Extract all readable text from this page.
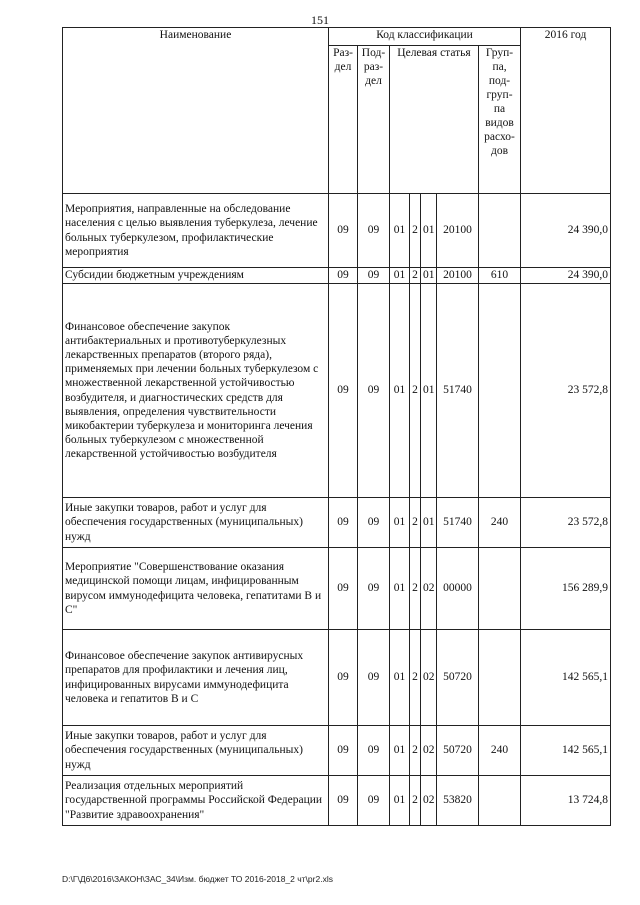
151
Наименование	Код классификации							2016 год
	Раз-дел	Под-раз-дел	Целевая статья				Груп-па, под-груп-па видов расхо-дов	
Мероприятия, направленные на обследование населения с целью выявления туберкулеза, лечение больных туберкулезом, профилактические мероприятия	09	09	01	2	01	20100		24 390,0
Субсидии бюджетным учреждениям	09	09	01	2	01	20100	610	24 390,0
Финансовое обеспечение закупок антибактериальных и противотуберкулезных лекарственных препаратов (второго ряда), применяемых при лечении больных туберкулезом с множественной лекарственной устойчивостью возбудителя, и диагностических средств для выявления, определения чувствительности микобактерии туберкулеза и мониторинга лечения больных туберкулезом с множественной лекарственной устойчивостью возбудителя	09	09	01	2	01	51740		23 572,8
Иные закупки товаров, работ и услуг для обеспечения государственных (муниципальных) нужд	09	09	01	2	01	51740	240	23 572,8
Мероприятие "Совершенствование оказания медицинской помощи лицам, инфицированным вирусом иммунодефицита человека, гепатитами В и С"	09	09	01	2	02	00000		156 289,9
Финансовое обеспечение закупок антивирусных препаратов для профилактики и лечения лиц, инфицированных вирусами иммунодефицита человека и гепатитов В и С	09	09	01	2	02	50720		142 565,1
Иные закупки товаров, работ и услуг для обеспечения государственных (муниципальных) нужд	09	09	01	2	02	50720	240	142 565,1
Реализация отдельных мероприятий государственной программы Российской Федерации "Развитие здравоохранения"	09	09	01	2	02	53820		13 724,8
D:\Г\Д6\2016\ЗАКОН\ЗАС_34\Изм. бюджет ТО 2016-2018_2 чт\pr2.xls
